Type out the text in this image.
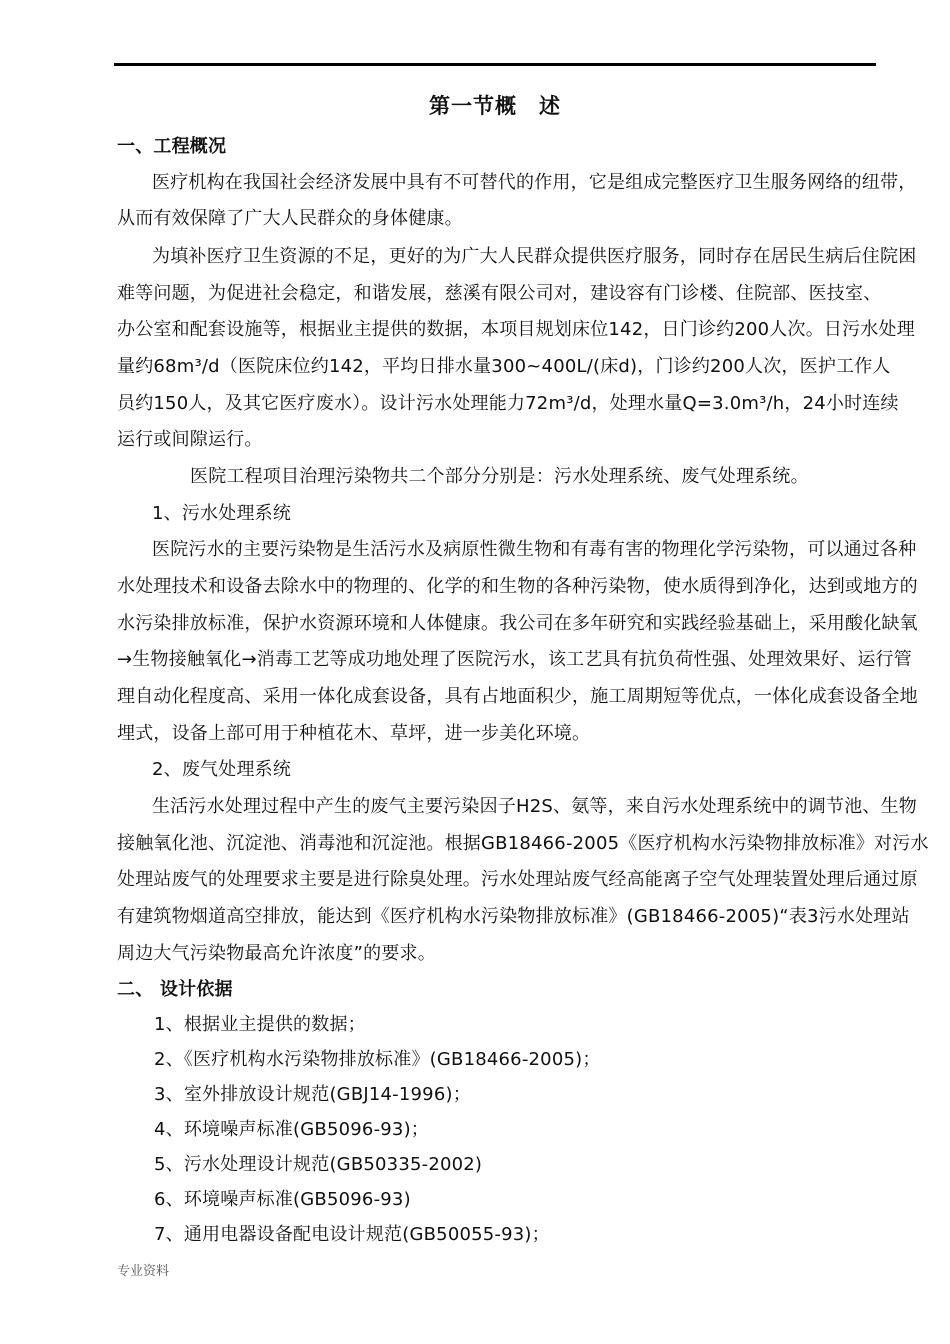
第一节概　述
一、工程概况
医疗机构在我国社会经济发展中具有不可替代的作用，它是组成完整医疗卫生服务网络的纽带，
从而有效保障了广大人民群众的身体健康。
为填补医疗卫生资源的不足，更好的为广大人民群众提供医疗服务，同时存在居民生病后住院困
难等问题，为促进社会稳定，和谐发展，慈溪有限公司对，建设容有门诊楼、住院部、医技室、
办公室和配套设施等，根据业主提供的数据，本项目规划床位142，日门诊约200人次。日污水处理
量约68m³/d（医院床位约142，平均日排水量300~400L/(床d)，门诊约200人次，医护工作人
员约150人，及其它医疗废水）。设计污水处理能力72m³/d，处理水量Q=3.0m³/h，24小时连续
运行或间隙运行。
医院工程项目治理污染物共二个部分分别是：污水处理系统、废气处理系统。
1、污水处理系统
医院污水的主要污染物是生活污水及病原性微生物和有毒有害的物理化学污染物，可以通过各种
水处理技术和设备去除水中的物理的、化学的和生物的各种污染物，使水质得到净化，达到或地方的
水污染排放标准，保护水资源环境和人体健康。我公司在多年研究和实践经验基础上，采用酸化缺氧
→生物接触氧化→消毒工艺等成功地处理了医院污水，该工艺具有抗负荷性强、处理效果好、运行管
理自动化程度高、采用一体化成套设备，具有占地面积少，施工周期短等优点，一体化成套设备全地
埋式，设备上部可用于种植花木、草坪，进一步美化环境。
2、废气处理系统
生活污水处理过程中产生的废气主要污染因子H2S、氨等，来自污水处理系统中的调节池、生物
接触氧化池、沉淀池、消毒池和沉淀池。根据GB18466-2005《医疗机构水污染物排放标准》对污水
处理站废气的处理要求主要是进行除臭处理。污水处理站废气经高能离子空气处理装置处理后通过原
有建筑物烟道高空排放，能达到《医疗机构水污染物排放标准》(GB18466-2005)“表3污水处理站
周边大气污染物最高允许浓度”的要求。
二、 设计依据
1、根据业主提供的数据；
2、《医疗机构水污染物排放标准》(GB18466-2005)；
3、室外排放设计规范(GBJ14-1996)；
4、环境噪声标准(GB5096-93)；
5、污水处理设计规范(GB50335-2002)
6、环境噪声标准(GB5096-93)
7、通用电器设备配电设计规范(GB50055-93)；
专业资料
